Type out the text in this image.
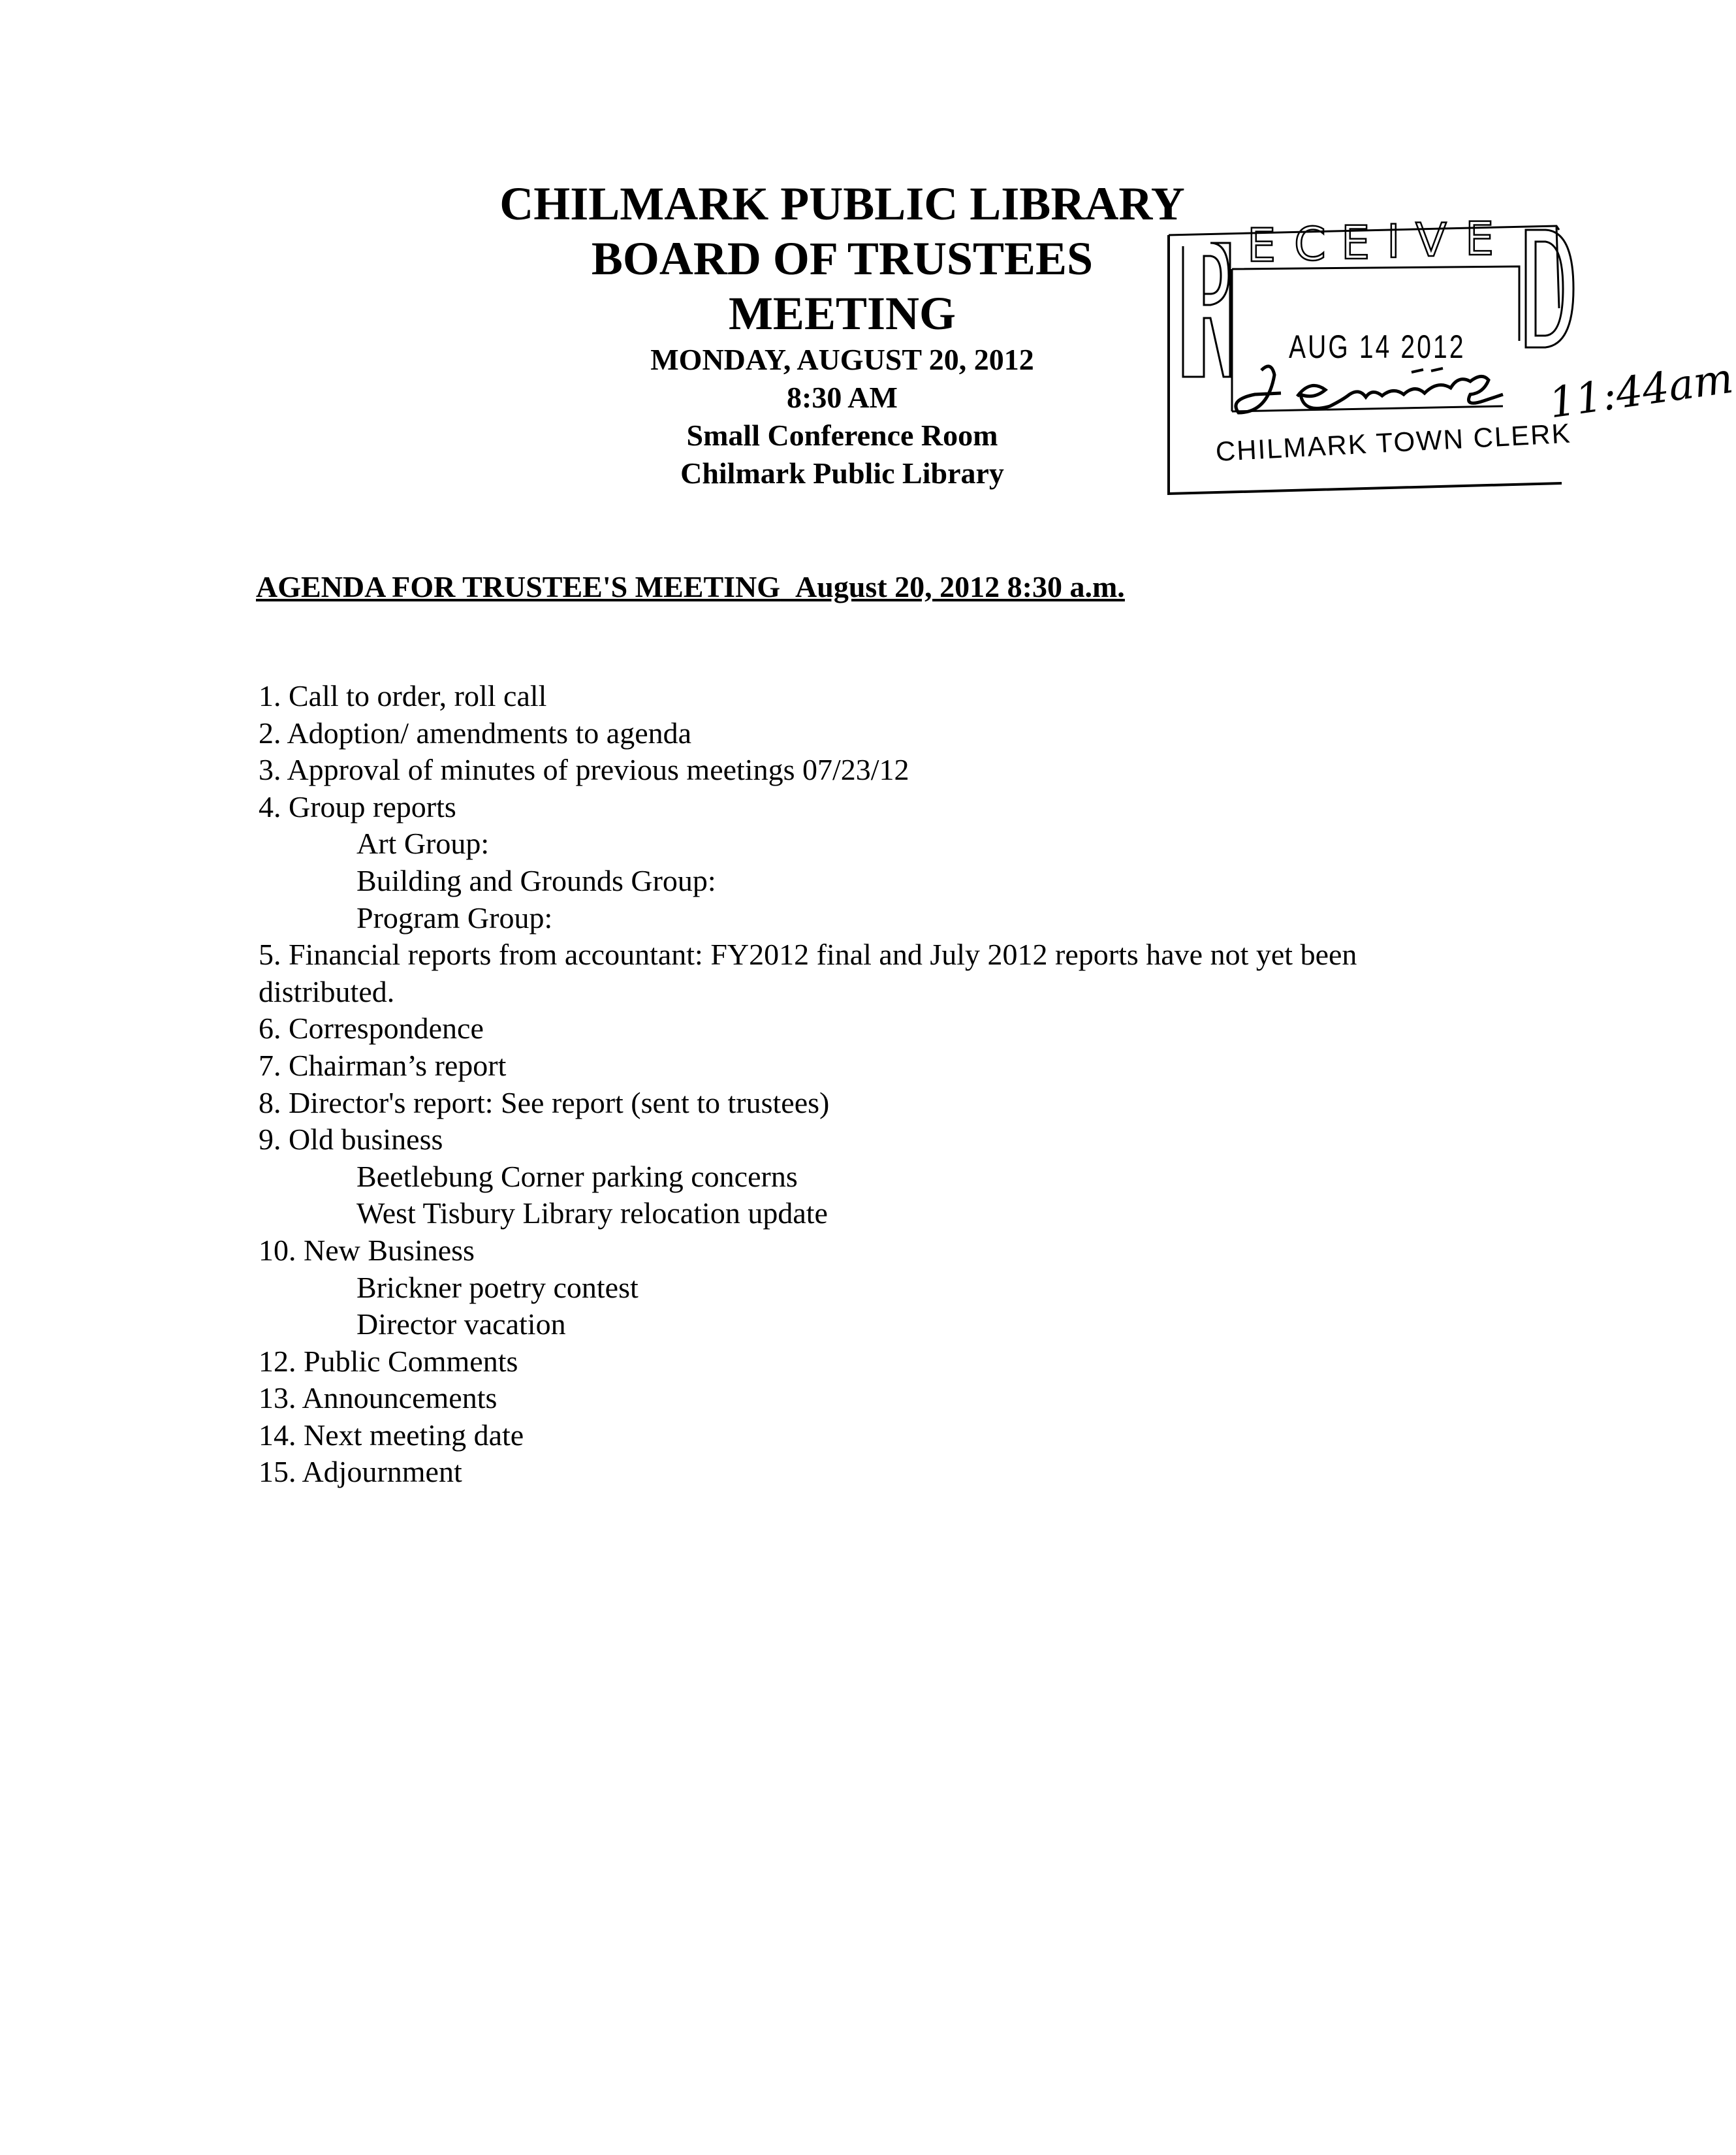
CHILMARK PUBLIC LIBRARY
BOARD OF TRUSTEES
MEETING
MONDAY, AUGUST 20, 2012
8:30 AM
Small Conference Room
Chilmark Public Library
E C E I V E
AUG 14 2012
CHILMARK TOWN CLERK
11:44am
AGENDA FOR TRUSTEE'S MEETING August 20, 2012 8:30 a.m.
1. Call to order, roll call
2. Adoption/ amendments to agenda
3. Approval of minutes of previous meetings 07/23/12
4. Group reports
Art Group:
Building and Grounds Group:
Program Group:
5. Financial reports from accountant: FY2012 final and July 2012 reports have not yet been distributed.
6. Correspondence
7. Chairman’s report
8. Director's report: See report (sent to trustees)
9. Old business
Beetlebung Corner parking concerns
West Tisbury Library relocation update
10. New Business
Brickner poetry contest
Director vacation
12. Public Comments
13. Announcements
14. Next meeting date
15. Adjournment
